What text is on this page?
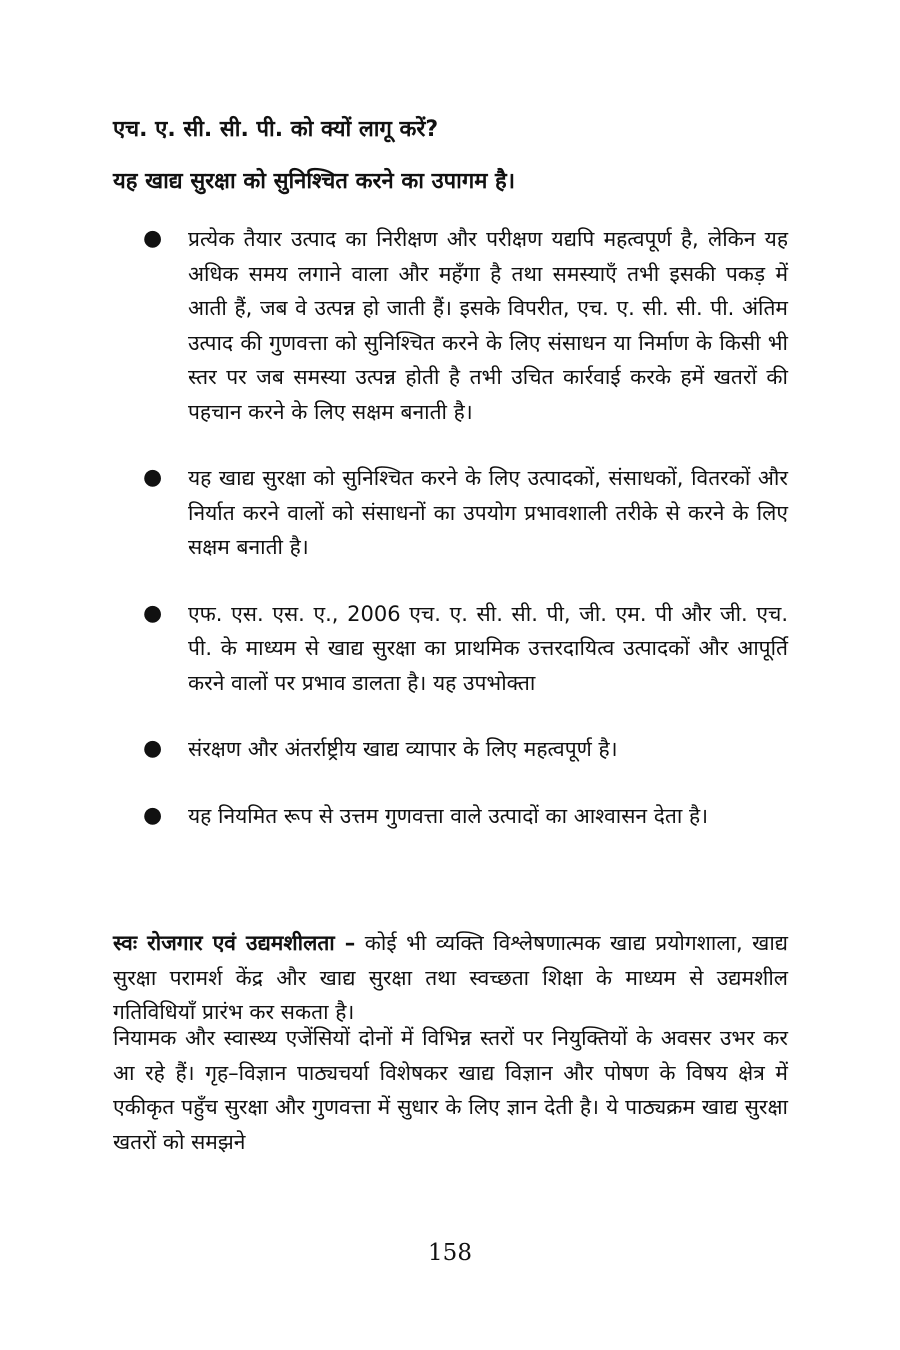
एच. ए. सी. सी. पी. को क्यों लागू करें?
यह खाद्य सुरक्षा को सुनिश्चित करने का उपागम है।
● प्रत्येक तैयार उत्पाद का निरीक्षण और परीक्षण यद्यपि महत्वपूर्ण है, लेकिन यह अधिक समय लगाने वाला और महँगा है तथा समस्याएँ तभी इसकी पकड़ में आती हैं, जब वे उत्पन्न हो जाती हैं। इसके विपरीत, एच. ए. सी. सी. पी. अंतिम उत्पाद की गुणवत्ता को सुनिश्चित करने के लिए संसाधन या निर्माण के किसी भी स्तर पर जब समस्या उत्पन्न होती है तभी उचित कार्रवाई करके हमें खतरों की पहचान करने के लिए सक्षम बनाती है।
● यह खाद्य सुरक्षा को सुनिश्चित करने के लिए उत्पादकों, संसाधकों, वितरकों और निर्यात करने वालों को संसाधनों का उपयोग प्रभावशाली तरीके से करने के लिए सक्षम बनाती है।
● एफ. एस. एस. ए., 2006 एच. ए. सी. सी. पी, जी. एम. पी और जी. एच. पी. के माध्यम से खाद्य सुरक्षा का प्राथमिक उत्तरदायित्व उत्पादकों और आपूर्ति करने वालों पर प्रभाव डालता है। यह उपभोक्ता
● संरक्षण और अंतर्राष्ट्रीय खाद्य व्यापार के लिए महत्वपूर्ण है।
● यह नियमित रूप से उत्तम गुणवत्ता वाले उत्पादों का आश्वासन देता है।

स्वः रोजगार एवं उद्यमशीलता – कोई भी व्यक्ति विश्लेषणात्मक खाद्य प्रयोगशाला, खाद्य सुरक्षा परामर्श केंद्र और खाद्य सुरक्षा तथा स्वच्छता शिक्षा के माध्यम से उद्यमशील गतिविधियाँ प्रारंभ कर सकता है।

नियामक और स्वास्थ्य एजेंसियों दोनों में विभिन्न स्तरों पर नियुक्तियों के अवसर उभर कर आ रहे हैं। गृह–विज्ञान पाठ्यचर्या विशेषकर खाद्य विज्ञान और पोषण के विषय क्षेत्र में एकीकृत पहुँच सुरक्षा और गुणवत्ता में सुधार के लिए ज्ञान देती है। ये पाठ्यक्रम खाद्य सुरक्षा खतरों को समझने

158
